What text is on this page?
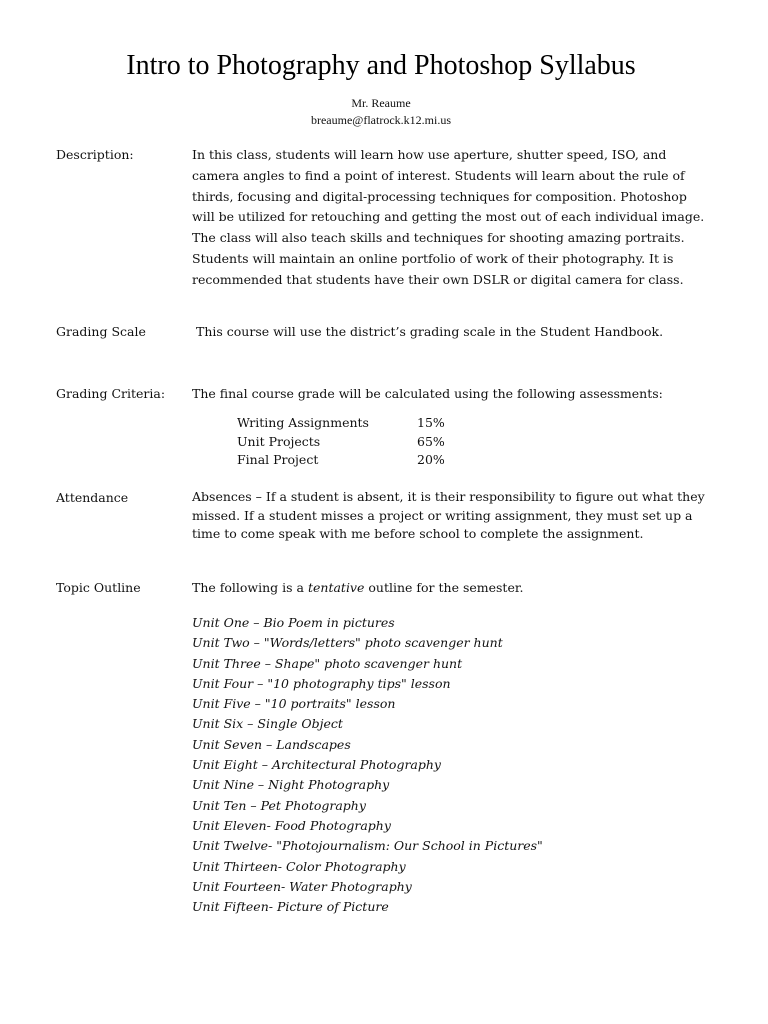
Intro to Photography and Photoshop Syllabus
Mr. Reaume
breaume@flatrock.k12.mi.us
Description:	In this class, students will learn how use aperture, shutter speed, ISO, and
camera angles to find a point of interest. Students will learn about the rule of
thirds, focusing and digital-processing techniques for composition. Photoshop
will be utilized for retouching and getting the most out of each individual image.
The class will also teach skills and techniques for shooting amazing portraits.
Students will maintain an online portfolio of work of their photography. It is
recommended that students have their own DSLR or digital camera for class.
Grading Scale	This course will use the district’s grading scale in the Student Handbook.
Grading Criteria: The final course grade will be calculated using the following assessments:
Writing Assignments	15%
Unit Projects	65%
Final Project	20%
Attendance	Absences – If a student is absent, it is their responsibility to figure out what they
missed. If a student misses a project or writing assignment, they must set up a
time to come speak with me before school to complete the assignment.
Topic Outline	The following is a tentative outline for the semester.
Unit One – Bio Poem in pictures
Unit Two – "Words/letters" photo scavenger hunt
Unit Three – Shape" photo scavenger hunt
Unit Four – "10 photography tips" lesson
Unit Five – "10 portraits" lesson
Unit Six – Single Object
Unit Seven – Landscapes
Unit Eight – Architectural Photography
Unit Nine – Night Photography
Unit Ten – Pet Photography
Unit Eleven- Food Photography
Unit Twelve- "Photojournalism: Our School in Pictures"
Unit Thirteen- Color Photography
Unit Fourteen- Water Photography
Unit Fifteen- Picture of Picture
